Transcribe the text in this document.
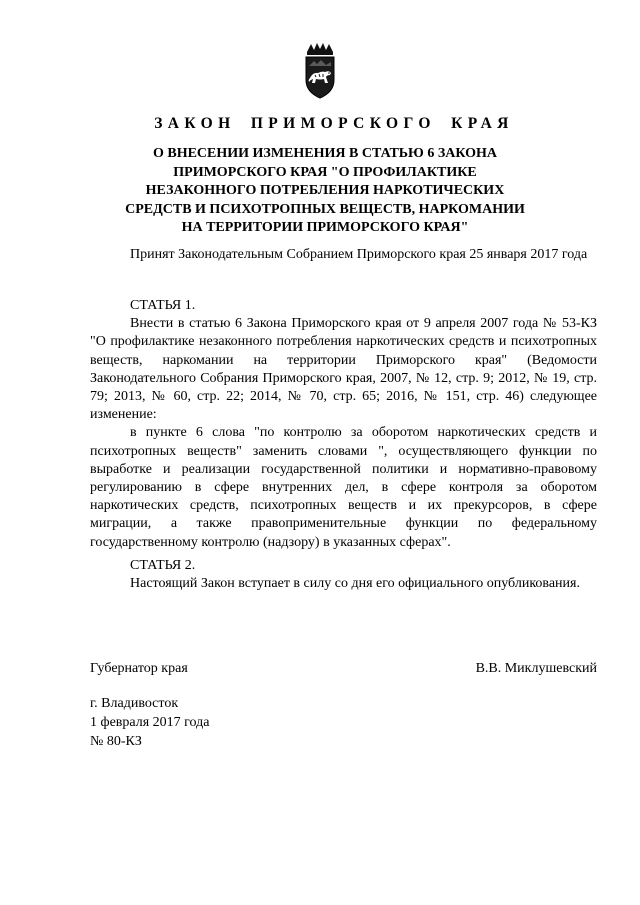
ЗАКОН ПРИМОРСКОГО КРАЯ
О ВНЕСЕНИИ ИЗМЕНЕНИЯ В СТАТЬЮ 6 ЗАКОНА
ПРИМОРСКОГО КРАЯ "О ПРОФИЛАКТИКЕ
НЕЗАКОННОГО ПОТРЕБЛЕНИЯ НАРКОТИЧЕСКИХ
СРЕДСТВ И ПСИХОТРОПНЫХ ВЕЩЕСТВ, НАРКОМАНИИ
НА ТЕРРИТОРИИ ПРИМОРСКОГО КРАЯ"

Принят Законодательным Собранием Приморского края 25 января 2017 года

СТАТЬЯ 1.

Внести в статью 6 Закона Приморского края от 9 апреля 2007 года № 53-КЗ "О профилактике незаконного потребления наркотических средств и психотропных веществ, наркомании на территории Приморского края" (Ведомости Законодательного Собрания Приморского края, 2007, № 12, стр. 9; 2012, № 19, стр. 79; 2013, № 60, стр. 22; 2014, № 70, стр. 65; 2016, № 151, стр. 46) следующее изменение:

в пункте 6 слова "по контролю за оборотом наркотических средств и психотропных веществ" заменить словами ", осуществляющего функции по выработке и реализации государственной политики и нормативно-правовому регулированию в сфере внутренних дел, в сфере контроля за оборотом наркотических средств, психотропных веществ и их прекурсоров, в сфере миграции, а также правоприменительные функции по федеральному государственному контролю (надзору) в указанных сферах".

СТАТЬЯ 2.

Настоящий Закон вступает в силу со дня его официального опубликования.

Губернатор края	В.В. Миклушевский
г. Владивосток
1 февраля 2017 года
№ 80-КЗ
